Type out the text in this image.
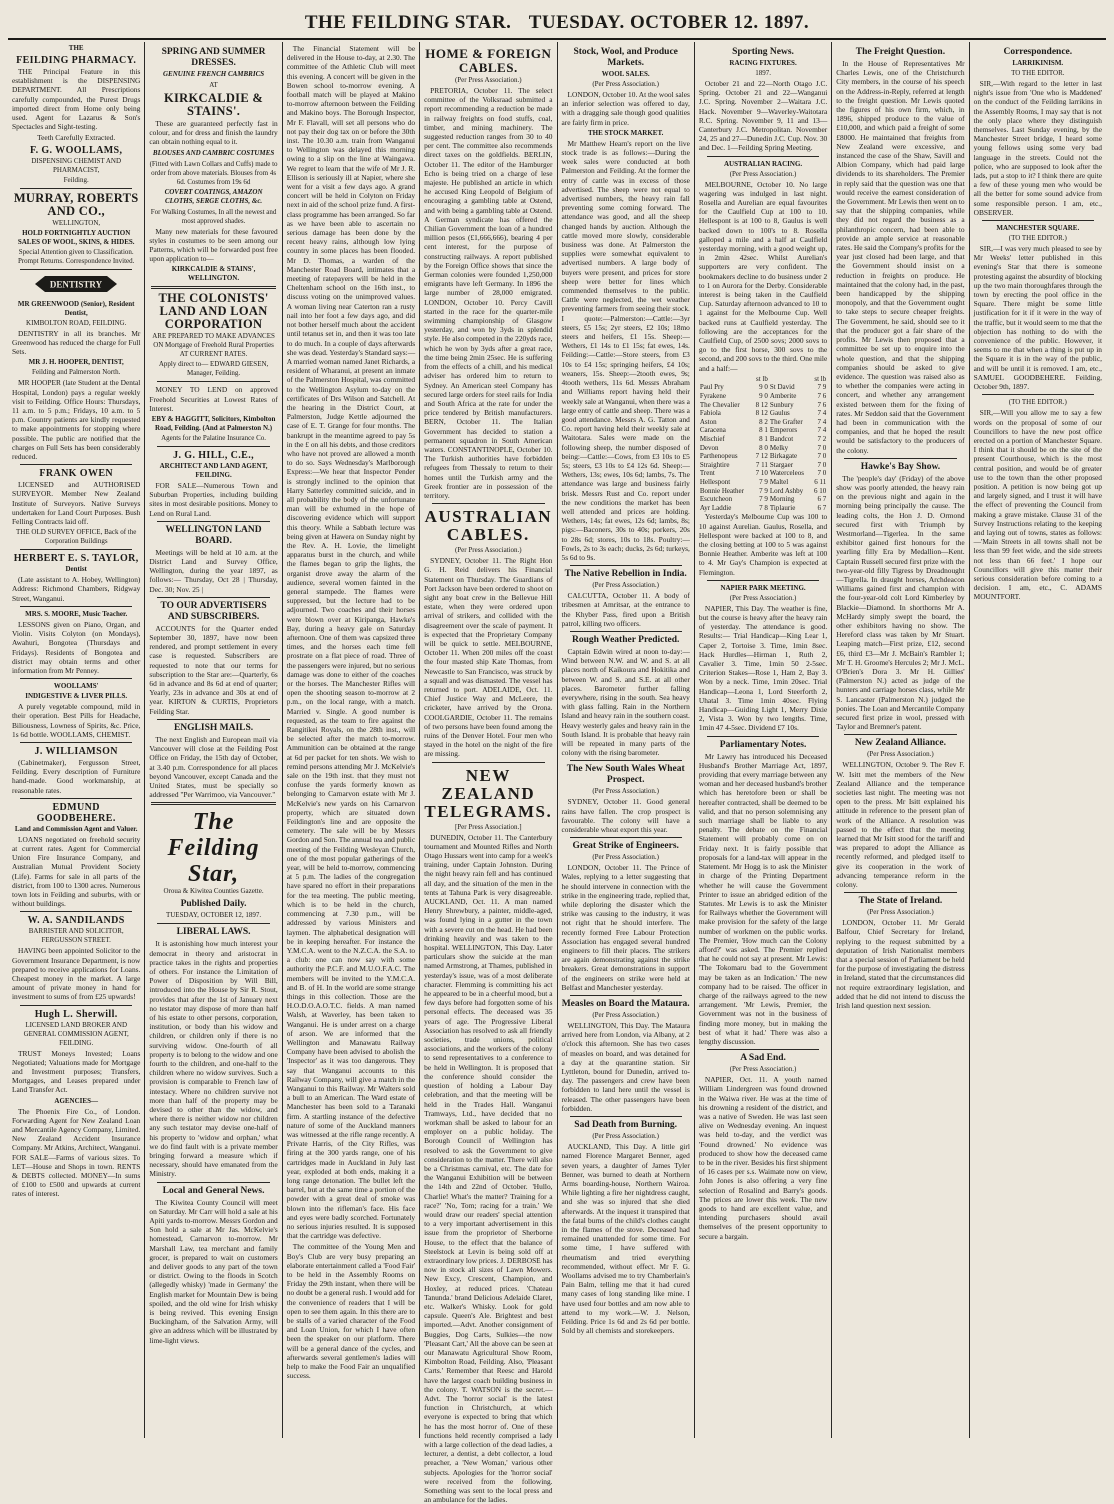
THE FEILDING STAR. TUESDAY. OCTOBER 12. 1897.
THE
FEILDING PHARMACY.

THE Principal Feature in this establishment is the DISPENSING DEPARTMENT. All Prescriptions carefully compounded, the Purest Drugs imported direct from Home only being used. Agent for Lazarus & Son's Spectacles and Sight-testing.

Teeth Carefully Extracted.
F. G. WOOLLAMS,
DISPENSING CHEMIST AND PHARMACIST,
Feilding.
MURRAY, ROBERTS AND CO.,
WELLINGTON,
HOLD FORTNIGHTLY AUCTION SALES OF WOOL, SKINS, & HIDES.
Special Attention given to Classification. Prompt Returns. Correspondence Invited.
DENTISTRY
MR GREENWOOD (Senior), Resident Dentist,
KIMBOLTON ROAD, FEILDING.

DENTISTRY in all its branches. Mr Greenwood has reduced the charge for Full Sets.

MR J. H. HOOPER, DENTIST,
Feilding and Palmerston North.

MR HOOPER (late Student at the Dental Hospital, London) pays a regular weekly visit to Feilding. Office Hours: Thursdays, 11 a.m. to 5 p.m.; Fridays, 10 a.m. to 5 p.m. Country patients are kindly requested to make appointments for stopping where possible. The public are notified that the charges on Full Sets has been considerably reduced.

FRANK OWEN

LICENSED and AUTHORISED SURVEYOR. Member New Zealand Institute of Surveyors. Native Surveys undertaken for Land Court Purposes. Bush Felling Contracts laid off.

THE OLD SURVEY OFFICE, Back of the Corporation Buildings
HERBERT E. S. TAYLOR,
Dentist

(Late assistant to A. Hobey, Wellington) Address: Richmond Chambers, Ridgway Street, Wanganui.

MRS. S. MOORE, Music Teacher.

LESSONS given on Piano, Organ, and Violin. Visits Colyton (on Mondays), Awahuri, Bongotea (Thursdays and Fridays). Residents of Bongotea and district may obtain terms and other information from Mr Penney.

WOOLLAMS'
INDIGESTIVE & LIVER PILLS.

A purely vegetable compound, mild in their operation. Best Pills for Headache, Biliousness, Lowness of Spirits, &c. Price, 1s 6d bottle. WOOLLAMS, CHEMIST.

J. WILLIAMSON

(Cabinetmaker), Fergusson Street, Feilding. Every description of Furniture hand-made. Good workmanship, at reasonable rates.

EDMUND GOODBEHERE.
Land and Commission Agent and Valuer.

LOANS negotiated on freehold security at current rates. Agent for Commercial Union Fire Insurance Company, and Australian Mutual Provident Society (Life). Farms for sale in all parts of the district, from 100 to 1300 acres. Numerous town lots in Feilding and suburbs, with or without buildings.

W. A. SANDILANDS
BARRISTER AND SOLICITOR, FERGUSSON STREET.

HAVING been appointed Solicitor to the Government Insurance Department, is now prepared to receive applications for Loans. Cheapest money in the market. A large amount of private money in hand for investment to sums of from £25 upwards!

Hugh L. Sherwill.
LICENSED LAND BROKER AND GENERAL COMMISSION AGENT, FEILDING.

TRUST Moneys Invested; Loans Negotiated; Valuations made for Mortgage and Investment purposes; Transfers, Mortgages, and Leases prepared under Land Transfer Act.

AGENCIES—

The Phoenix Fire Co., of London. Forwarding Agent for New Zealand Loan and Mercantile Agency Company, Limited. New Zealand Accident Insurance Company. Mr Atkins, Architect, Wanganui. FOR SALE—Farms of various sizes. To LET—House and Shops in town. RENTS & DEBTS collected. MONEY—In sums of £100 to £500 and upwards at current rates of interest.

SPRING AND SUMMER DRESSES.
GENUINE FRENCH CAMBRICS
AT
KIRKCALDIE & STAINS'.

These are guaranteed perfectly fast in colour, and for dress and finish the laundry can obtain nothing equal to it.

BLOUSES AND CAMBRIC COSTUMES
(Fitted with Lawn Collars and Cuffs) made to order from above materials. Blouses from 4s 6d. Costumes from 19s 6d
COVERT COATINGS, AMAZON CLOTHS, SERGE CLOTHS, &c.
For Walking Costumes, In all the newest and most approved shades.

Many new materials for these favoured styles in costumes to be seen among our Patterns, which will be forwarded post free upon application to—

KIRKCALDIE & STAINS', WELLINGTON.
THE COLONISTS' LAND AND LOAN CORPORATION
ARE PREPARED TO MAKE ADVANCES ON Mortgage of Freehold Rural Properties AT CURRENT RATES.
Apply direct to— EDWARD GIESEN, Manager, Feilding.

MONEY TO LEND on approved Freehold Securities at Lowest Rates of Interest.

EBY & HAGGITT, Solicitors, Kimbolton Road, Feilding. (And at Palmerston N.)
Agents for the Palatine Insurance Co.
J. G. HILL, C.E.,
ARCHITECT AND LAND AGENT, FEILDING.

FOR SALE—Numerous Town and Suburban Properties, including building sites in most desirable positions. Money to Lend on Rural Land.

WELLINGTON LAND BOARD.

Meetings will be held at 10 a.m. at the District Land and Survey Office, Wellington, during the year 1897, as follows:— Thursday, Oct 28 | Thursday, Dec. 30; Nov. 25 |

TO OUR ADVERTISERS AND SUBSCRIBERS.

ACCOUNTS for the Quarter ended September 30, 1897, have now been rendered, and prompt settlement in every case is requested. Subscribers are requested to note that our terms for subscription to the Star are:—Quarterly, 6s 6d in advance and 8s 6d at end of quarter; Yearly, 23s in advance and 30s at end of year. KIRTON & CURTIS, Proprietors Feilding Star.

ENGLISH MAILS.

The next English and European mail via Vancouver will close at the Feilding Post Office on Friday, the 15th day of October, at 3.40 p.m. Correspondence for all places beyond Vancouver, except Canada and the United States, must be specially so addressed "Per Warrimoo, via Vancouver."

The Feilding Star,
Oroua & Kiwitea Counties Gazette.
Published Daily.
TUESDAY, OCTOBER 12, 1897.
LIBERAL LAWS.

It is astonishing how much interest your democrat in theory and aristocrat in practice takes in the rights and properties of others. For instance the Limitation of Power of Disposition by Will Bill, introduced into the House by Sir R. Stout, provides that after the 1st of January next no testator may dispose of more than half of his estate to other persons, corporation, institution, or body than his widow and children, or children only if there is no surviving widow. One-fourth of all property is to belong to the widow and one fourth to the children, and one-half to the children where no widow survives. Such a provision is comparable to French law of intestacy. Where no children survive not more than half of the property may be devised to other than the widow, and where there is neither widow nor children any such testator may devise one-half of his property to 'widow and orphan,' what we do find fault with is a private member bringing forward a measure which if necessary, should have emanated from the Ministry.

Local and General News.

The Kiwitea County Council will meet on Saturday. Mr Carr will hold a sale at his Apiti yards to-morrow. Messrs Gordon and Son hold a sale at Mr Jas. McKelvie's homestead, Carnarvon to-morrow. Mr Marshall Law, tea merchant and family grocer, is prepared to wait on customers and deliver goods to any part of the town or district. Owing to the floods in Scotch (allegedly whisky) 'made in Germany' the English market for Mountain Dew is being spoiled, and the old wine for Irish whisky is being revived. This evening Ensign Buckingham, of the Salvation Army, will give an address which will be illustrated by lime-light views.

The Financial Statement will be delivered in the House to-day, at 2.30. The committee of the Athletic Club will meet this evening. A concert will be given in the Bowen school to-morrow evening. A football match will be played at Makino to-morrow afternoon between the Feilding and Makino boys. The Borough Inspector, Mr F. Flavall, will set all persons who do not pay their dog tax on or before the 30th inst. The 10.30 a.m. train from Wanganui to Wellington was delayed this morning owing to a slip on the line at Waingawa. We regret to learn that the wife of Mr J. R. Ellison is seriously ill at Napier, where she went for a visit a few days ago. A grand concert will be held in Colyton on Friday next in aid of the school prize fund. A first-class programme has been arranged. So far as we have been able to ascertain no serious damage has been done by the recent heavy rains, although low lying country in some places has been flooded. Mr D. Thomas, a warden of the Manchester Road Board, intimates that a meeting of ratepayers will be held in the Cheltenham school on the 16th inst., to discuss voting on the unimproved values. A woman living near Caterton ran a rusty nail into her foot a few days ago, and did not bother herself much about the accident until tetanus set in, and then it was too late to do much. In a couple of days afterwards she was dead. Yesterday's Standard says:—A married woman named Janet Richards, a resident of Wharanui, at present an inmate of the Palmerston Hospital, was committed to the Wellington Asylum to-day on the certificates of Drs Wilson and Satchell. At the hearing in the District Court, at Palmerston, Judge Kettle adjourned the case of E. T. Grange for four months. The bankrupt in the meantime agreed to pay 5s in the £ on all his debts, and those creditors who have not proved are allowed a month to do so. Says Wednesday's Marlborough Express:—We hear that Inspector Pender is strongly inclined to the opinion that Harry Satterley committed suicide, and in all probability the body of the unfortunate man will be exhumed in the hope of discovering evidence which will support this theory. While a Sabbath lecture was being given at Hawera on Sunday night by the Rev. A. H. Lovie, the limelight apparatus burst in the church, and while the flames began to grip the lights, the organist drove away the alarm of the audience, several women fainted in the general stampede. The flames were suppressed, but the lecture had to be adjourned. Two coaches and their horses were blown over at Kiripanga, Hawke's Bay, during a heavy gale on Saturday afternoon. One of them was capsized three times, and the horses each time fell prostrate on a flat piece of road. Three of the passengers were injured, but no serious damage was done to either of the coaches or the horses. The Manchester Rifles will open the shooting season to-morrow at 2 p.m., on the local range, with a match. Married v. Single. A good number is requested, as the team to fire against the Rangitikei Royals, on the 28th inst., will be selected after the match to-morrow. Ammunition can be obtained at the range at 6d per packet for ten shots. We wish to remind persons attending Mr J. McKelvie's sale on the 19th inst. that they must not confuse the yards formerly known as belonging to Carnarvon estate with Mr J. McKelvie's new yards on his Carnarvon property, which are situated down Feildington's line and are opposite the cemetery. The sale will be by Messrs Gordon and Son. The annual tea and public meeting of the Feilding Wesleyan Church, one of the most popular gatherings of the year, will be held to-morrow, commencing at 5 p.m. The ladies of the congregation have spared no effort in their preparations for the tea meeting. The public meeting, which is to be held in the church, commencing at 7.30 p.m., will be addressed by various Ministers and laymen. The alphabetical designation will be in keeping hereafter. For instance the Y.M.C.A. went to the N.Z.C.A. the S.A. to a club: one can now say with some authority the P.C.F. and M.U.O.F.A.C. The members will be invited to the Y.M.C.A. and B. of H. In the world are some strange things in this collection. Those are the H.O.D.O.A.O.T.C. fields. A man named Walsh, at Waverley, has been taken to Wanganui. He is under arrest on a charge of arson. We are informed that the Wellington and Manawatu Railway Company have been advised to abolish the 'Inspector' as it was too dangerous. They say that Wanganui accounts to this Railway Company, will give a match in the Wanganui to this Railway. Mr Walters sold a bull to an American. The Ward estate of Manchester has been sold to a Taranaki firm. A startling instance of the defective nature of some of the Auckland manners was witnessed at the rifle range recently. A Private Harris, of the City Rifles, was firing at the 300 yards range, one of his cartridges made in Auckland in July last year, exploded at both ends, making it a long range detonation. The bullet left the barrel, but at the same time a portion of the powder with a great deal of smoke was blown into the rifleman's face. His face and eyes were badly scorched. Fortunately no serious injuries resulted. It is supposed that the cartridge was defective.

The committee of the Young Men and Boy's Club are very busy preparing an elaborate entertainment called a 'Food Fair' to be held in the Assembly Rooms on Friday the 29th instant, when there will be no doubt be a general rush. I would add for the convenience of readers that I will be open to see them again. In this there are to be stalls of a varied character of the Food and Loan Union, for which I have often been the speaker on our platform. There will be a general dance of the cycles, and afterwards several gentlemen's ladies will help to make the Food Fair an unqualified success.

HOME & FOREIGN CABLES.
(Per Press Association.)

PRETORIA, October 11. The select committee of the Volksraad submitted a report recommending a reduction be made in railway freights on food stuffs, coal, timber, and mining machinery. The suggested reduction ranges from 30 to 40 per cent. The committee also recommends direct taxes on the goldfields. BERLIN, October 11. The editor of the Hamburger Echo is being tried on a charge of lese majeste. He published an article in which he accused King Leopold of Belgium of encouraging a gambling table at Ostend, and with being a gambling table at Ostend. A German syndicate has offered the Chilian Government the loan of a hundred million pesos (£1,666,666), bearing 4 per cent interest, for the purpose of constructing railways. A report published by the Foreign Office shows that since the German colonies were founded 1,250,000 emigrants have left Germany. In 1896 the large number of 28,000 emigrated. LONDON, October 10. Percy Cavill started in the race for the quarter-mile swimming championship of Glasgow yesterday, and won by 3yds in splendid style. He also competed in the 220yds race, which he won by 3yds after a great race, the time being 2min 25sec. He is suffering from the effects of a chill, and his medical adviser has ordered him to return to Sydney. An American steel Company has secured large orders for steel rails for India and South Africa at the rate for under the price tendered by British manufacturers. BERN, October 11. The Italian Government has decided to station a permanent squadron in South American waters. CONSTANTINOPLE, October 10. The Turkish authorities have forbidden refugees from Thessaly to return to their homes until the Turkish army and the Greek frontier are in possession of the territory.

AUSTRALIAN CABLES.
(Per Press Association.)

SYDNEY, October 11. The Right Hon G. H. Reid delivers his Financial Statement on Thursday. The Guardians of Port Jackson have been ordered to shoot on sight any boat crew in the Bellevue Hill estate, when they were ordered upon arrival of strikers, and collided with the disagreement over the scale of payment. It is expected that the Proprietary Company will be quick to settle. MELBOURNE, October 11. When 200 miles off the coast the four masted ship Kate Thomas, from Newcastle to San Francisco, was struck by a squall and was dismasted. The vessel has returned to port. ADELAIDE, Oct. 11. Chief Justice Way and McLeere, the cricketer, have arrived by the Orona. COOLGARDIE, October 11. The remains of two persons have been found among the ruins of the Denver Hotel. Four men who stayed in the hotel on the night of the fire are missing.

NEW ZEALAND TELEGRAMS.
[Per Press Association.]

DUNEDIN, October 11. The Canterbury tournament and Mounted Rifles and North Otago Hussars went into camp for a week's training, under Captain Johnston. During the night heavy rain fell and has continued all day, and the situation of the men in the tents at Tahuna Park is very disagreeable. AUCKLAND, Oct. 11. A man named Henry Shrewbury, a painter, middle-aged, was found lying in a gutter in the town with a severe cut on the head. He had been drinking heavily and was taken to the hospital. WELLINGTON, This Day. Later particulars show the suicide at the man named Armstrong, at Thames, published in yesterday's issue, was of a most deliberate character. Flemming is committing his act he appeared to be in a cheerful mood, but a few days before had forgotten some of his personal effects. The deceased was 35 years of age. The Progressive Liberal Association has resolved to ask all friendly societies, trade unions, political associations, and the workers of the colony to send representatives to a conference to be held in Wellington. It is proposed that the conference should consider the question of holding a Labour Day celebration, and that the meeting will be held in the Trades Hall. Wanganui Tramways, Ltd., have decided that no workman shall be asked to labour for an employer on a public holiday. The Borough Council of Wellington has resolved to ask the Government to give consideration to the matter. There will also be a Christmas carnival, etc. The date for the Wanganui Exhibition will be between the 14th and 22nd of October. 'Hullo, Charlie! What's the matter? Training for a race?' 'No, Tom; racing for a train.' We would draw our readers' special attention to a very important advertisement in this issue from the proprietor of Sherborne House, to the effect that the balance of Steelstock at Levin is being sold off at extraordinary low prices. J. DERBOSE has now in stock all sizes of Lawn Mowers. New Excy, Crescent, Champion, and Hoxley, at reduced prices. 'Chateau Tanunda.' brand Delicious Adelaide Claret, etc. Walker's Whisky. Look for gold capsule. Queen's Ale. Brightest and best imported.—Advt. Another consignment of Buggies, Dog Carts, Sulkies—the now 'Pleasant Cart,' All the above can be seen at our Manawatu Agricultural Show Room, Kimbolton Road, Feilding. Also, 'Pleasant Carts.' Remember that Reesc and Harold have the largest coach building business in the colony. T. WATSON is the secret.—Advt. The 'horror social' is the latest function in Christchurch, at which everyone is expected to bring that which he has the most horror of. One of these functions held recently comprised a lady with a large collection of the dead ladies, a lecturer, a dentist, a debt collector, a loud preacher, a 'New Woman,' various other subjects. Apologies for the 'horror social' were received from the following. Something was sent to the local press and an ambulance for the ladies.

Stock, Wool, and Produce Markets.
WOOL SALES.
(Per Press Association.)

LONDON, October 10. At the wool sales an inferior selection was offered to day, with a dragging sale though good qualities are fairly firm in price.

THE STOCK MARKET.

Mr Matthew Hearn's report on the live stock trade is as follows:—During the week sales were conducted at both Palmerston and Feilding. At the former the entry of cattle was in excess of those advertised. The sheep were not equal to advertised numbers, the heavy rain fall preventing some coming forward. The attendance was good, and all the sheep changed hands by auction. Although the cattle moved more slowly, considerable business was done. At Palmerston the supplies were somewhat equivalent to advertised numbers. A large body of buyers were present, and prices for store sheep were better for lines which commended themselves to the public. Cattle were neglected, the wet weather preventing farmers from seeing their stock. I quote:—Palmerston:—Cattle:—3yr steers, £5 15s; 2yr steers, £2 10s; 18mo steers and heifers, £1 15s. Sheep:—Wethers, £1 14s to £1 15s; fat ewes, 14s. Feilding:—Cattle:—Store steers, from £3 10s to £4 15s; springing heifers, £4 10s; weaners, 15s. Sheep:—2tooth ewes, 9s; 4tooth wethers, 11s 6d. Messrs Abraham and Williams report having held their weekly sale at Wanganui, when there was a large entry of cattle and sheep. There was a good attendance. Messrs A. G. Tatton and Co. report having held their weekly sale at Waitotara. Sales were made on the following sheep, the number disposed of being:—Cattle:—Cows, from £3 10s to £5 5s; steers, £3 10s to £4 12s 6d. Sheep:—Wethers, 13s; ewes, 10s 6d; lambs, 7s. The attendance was large and business fairly brisk. Messrs Rust and Co. report under the new conditions the market has been well attended and prices are holding. Wethers, 14s; fat ewes, 12s 6d; lambs, 8s; pigs:—Baconers, 30s to 40s; porkers, 20s to 28s 6d; stores, 10s to 18s. Poultry:—Fowls, 2s to 3s each; ducks, 2s 6d; turkeys, 5s 6d to 9s.

The Native Rebellion in India.
(Per Press Association.)

CALCUTTA, October 11. A body of tribesmen at Amritsar, at the entrance to the Khyber Pass, fired upon a British patrol, killing two officers.

Rough Weather Predicted.

Captain Edwin wired at noon to-day:—Wind between N.W. and W. and S. at all places north of Kaikoura and Hokitika and between W. and S. and S.E. at all other places. Barometer further falling everywhere, rising in the south. Sea heavy with glass falling. Rain in the Northern Island and heavy rain in the southern coast. Heavy westerly gales and heavy rain in the South Island. It is probable that heavy rain will be repeated in many parts of the colony with the rising barometer.

The New South Wales Wheat Prospect.
(Per Press Association.)

SYDNEY, October 11. Good general rains have fallen. The crop prospect is favourable. The colony will have a considerable wheat export this year.

Great Strike of Engineers.
(Per Press Association.)

LONDON, October 11. The Prince of Wales, replying to a letter suggesting that he should intervene in connection with the strike in the engineering trade, replied that, while deploring the disaster which the strike was causing to the industry, it was not right that he should interfere. The recently formed Free Labour Protection Association has engaged several hundred engineers to fill their places. The strikers are again demonstrating against the strike breakers. Great demonstrations in support of the engineers on strike were held at Belfast and Manchester yesterday.

Measles on Board the Mataura.
(Per Press Association.)

WELLINGTON, This Day. The Mataura arrived here from London, via Albany, at 2 o'clock this afternoon. She has two cases of measles on board, and was detained for a day at the quarantine station. Sir Lyttleton, bound for Dunedin, arrived to-day. The passengers and crew have been forbidden to land here until the vessel is released. The other passengers have been forbidden.

Sad Death from Burning.
(Per Press Association.)

AUCKLAND, This Day. A little girl named Florence Margaret Benner, aged seven years, a daughter of James Tyler Benner, was burned to death at Northern Arms boarding-house, Northern Wairoa. While lighting a fire her nightdress caught, and she was so injured that she died afterwards. At the inquest it transpired that the fatal burns of the child's clothes caught in the flames of the stove. Deceased had remained unattended for some time. For some time, I have suffered with rheumatism and tried everything recommended, without effect. Mr F. G. Woollams advised me to try Chamberlain's Pain Balm, telling me that it had cured many cases of long standing like mine. I have used four bottles and am now able to attend to my work.—W. J. Nelson, Feilding. Price 1s 6d and 2s 6d per bottle. Sold by all chemists and storekeepers.

Sporting News.
RACING FIXTURES.
1897.

October 21 and 22—North Otago J.C. Spring. October 21 and 22—Wanganui J.C. Spring. November 2—Waitara J.C. Hack. November 9—Waverley-Waitotara R.C. Spring. November 9, 11 and 13—Canterbury J.C. Metropolitan. November 24, 25 and 27—Dunedin J.C. Cup. Nov. 30 and Dec. 1—Feilding Spring Meeting.

AUSTRALIAN RACING.
(Per Press Association.)

MELBOURNE, October 10. No large wagering was indulged in last night. Rosella and Aurelian are equal favourites for the Caulfield Cup at 100 to 10. Hellespont is at 100 to 8, Gaulus is well backed down to 100's to 8. Rosella galloped a mile and a half at Caulfield yesterday morning, with a good weight up, in 2min 42sec. Whilst Aurelian's supporters are very confident. The bookmakers decline to do business under 2 to 1 on Aurora for the Derby. Considerable interest is being taken in the Caulfield Cup. Saturday afternoon advanced to 10 to 1 against for the Melbourne Cup. Well backed runs at Caulfield yesterday. The following are the acceptances for the Caulfield Cup, of 2500 sovs; 2000 sovs to go to the first horse, 300 sovs to the second, and 200 sovs to the third. One mile and a half:—

	st lb		st lb
Paul Pry	9 0	St David	7 9
Fyrakene	9 0	Amberite	7 6
The Chevalier	8 12	Sunbury	7 6
Fabiola	8 12	Gaulus	7 4
Aston	8 2	The Grafter	7 4
Caracena	8 1	Emperors	7 4
Mischief	8 1	Bandcot	7 2
Devon	8 0	Melky	7 0
Parthenopeus	7 12	Birkagate	7 0
Straightire	7 11	Stargaer	7 0
Trent	7 10	Waterceleos	7 0
Hellespont	7 9	Maltel	6 11
Bonnie Heather	7 9	Lord Ashby	6 10
Escutcheon	7 9	Morning	6 7
Ayr Laddie	7 8	Tiplaurie	6 7

Yesterday's Melbourne Cup was 100 to 10 against Aurelian. Gaulus, Rosella, and Hellespont were backed at 100 to 8, and the closing betting at 100 to 5 was against Bonnie Heather. Amberite was left at 100 to 4. Mr Gay's Champion is expected at Flemington.

NAPIER PARK MEETING.
(Per Press Association.)

NAPIER, This Day. The weather is fine, but the course is heavy after the heavy rain of yesterday. The attendance is good. Results:— Trial Handicap—King Lear 1, Caper 2, Tortoise 3. Time, 1min 8sec. Hack Hurdles—Hirman 1, Ruth 2, Cavalier 3. Time, 1min 50 2-5sec. Criterion Stakes—Rose 1, Ham 2, Bay 3. Won by a neck. Time, 1min 20sec. Trial Handicap—Leona 1, Lord Steerforth 2, Uhatal 3. Time 1min 40sec. Flying Handicap—Guiding Light 1, Merry Dixie 2, Vista 3. Won by two lengths. Time, 1min 47 4-5sec. Dividend £7 10s.

Parliamentary Notes.

Mr Lawry has introduced his Deceased Husband's Brother Marriage Act, 1897, providing that every marriage between any woman and her deceased husband's brother which has heretofore been or shall be hereafter contracted, shall be deemed to be valid, and that no person solemnising any such marriage shall be liable to any penalty. The debate on the Financial Statement will probably come on on Friday next. It is fairly possible that proposals for a land-tax will appear in the Statement. Mr Hogg is to ask the Minister in charge of the Printing Department whether he will cause the Government Printer to issue an abridged edition of the Statutes. Mr Lewis is to ask the Minister for Railways whether the Government will make provision for the safety of the large number of workmen on the public works. The Premier, 'How much can the Colony afford?' was asked. The Premier replied that he could not say at present. Mr Lewis: 'The Tokomaru bad to the Government may be taken as an Indication.' The new company had to be raised. The officer in charge of the railways agreed to the new arrangement. 'Mr Lewis, Premier, the Government was not in the business of finding more money, but in making the best of what it had.' There was also a lengthy discussion.

A Sad End.
(Per Press Association.)

NAPIER, Oct. 11. A youth named William Lindergreen was found drowned in the Waiwa river. He was at the time of his drowning a resident of the district, and was a native of Sweden. He was last seen alive on Wednesday evening. An inquest was held to-day, and the verdict was 'Found drowned.' No evidence was produced to show how the deceased came to be in the river. Besides his first shipment of 16 cases per s.s. Waimate now on view, John Jones is also offering a very fine selection of Rosalind and Barry's goods. The prices are lower this week. The new goods to hand are excellent value, and intending purchasers should avail themselves of the present opportunity to secure a bargain.

The Freight Question.

In the House of Representatives Mr Charles Lewis, one of the Christchurch City members, in the course of his speech on the Address-in-Reply, referred at length to the freight question. Mr Lewis quoted the figures of his own firm, which, in 1896, shipped produce to the value of £10,000, and which paid a freight of some £8000. He maintained that freights from New Zealand were excessive, and instanced the case of the Shaw, Savill and Albion Company, which had paid large dividends to its shareholders. The Premier in reply said that the question was one that would receive the earnest consideration of the Government. Mr Lewis then went on to say that the shipping companies, while they did not regard the business as a philanthropic concern, had been able to provide an ample service at reasonable rates. He said the Company's profits for the year just closed had been large, and that the Government should insist on a reduction in freights on produce. He maintained that the colony had, in the past, been handicapped by the shipping monopoly, and that the Government ought to take steps to secure cheaper freights. The Government, he said, should see to it that the producer got a fair share of the profits. Mr Lewis then proposed that a committee be set up to enquire into the whole question, and that the shipping companies should be asked to give evidence. The question was raised also as to whether the companies were acting in concert, and whether any arrangement existed between them for the fixing of rates. Mr Seddon said that the Government had been in communication with the companies, and that he hoped the result would be satisfactory to the producers of the colony.

Hawke's Bay Show.

The 'people's day' (Friday) of the above show was poorly attended, the heavy rain on the previous night and again in the morning being principally the cause. The leading colts, the Hon J. D. Ormond secured first with Triumph by Westmorland—Tigerlea. In the same exhibitor gained first honours for the yearling filly Era by Medallion—Kent. Captain Russell secured first prize with the two-year-old filly Tigress by Dreadnought—Tigrella. In draught horses, Archdeacon Williams gained first and champion with the four-year-old colt Lord Kimberley by Blackie—Diamond. In shorthorns Mr A. McHardy simply swept the board, the other exhibitors having no show. The Hereford class was taken by Mr Stuart. Leaping match—First prize, £12, second £6, third £3—Mr J. McBain's Rambler 1; Mr T. H. Groome's Hercules 2; Mr J. McL. O'Brien's Dora 3. Mr H. Gillies' (Palmerston N.) acted as judge of the hunters and carriage horses class, while Mr S. Lancaster (Palmerston N.) judged the ponies. The Loan and Mercantile Company secured first prize in wool, pressed with Taylor and Bremner's patent.

New Zealand Alliance.
(Per Press Association.)

WELLINGTON, October 9. The Rev F. W. Isitt met the members of the New Zealand Alliance and the temperance societies last night. The meeting was not open to the press. Mr Isitt explained his attitude in reference to the present plan of work of the Alliance. A resolution was passed to the effect that the meeting learned that Mr Isitt stood for the tariff and was prepared to adopt the Alliance as recently reformed, and pledged itself to give its cooperation in the work of advancing temperance reform in the colony.

The State of Ireland.
(Per Press Association.)

LONDON, October 11. Mr Gerald Balfour, Chief Secretary for Ireland, replying to the request submitted by a deputation of Irish Nationalist members that a special session of Parliament be held for the purpose of investigating the distress in Ireland, stated that the circumstances did not require extraordinary legislation, and added that he did not intend to discuss the Irish land question next session.

Correspondence.
LARRIKINISM.
TO THE EDITOR.

SIR,—With regard to the letter in last night's issue from 'One who is Maddened' on the conduct of the Feilding larrikins in the Assembly Rooms, I may say that is not the only place where they distinguish themselves. Last Sunday evening, by the Manchester Street bridge, I heard some young fellows using some very bad language in the streets. Could not the police, who are supposed to look after the lads, put a stop to it? I think there are quite a few of these young men who would be all the better for some sound advice from some responsible person. I am, etc., OBSERVER.

MANCHESTER SQUARE.
(TO THE EDITOR.)

SIR,—I was very much pleased to see by Mr Weeks' letter published in this evening's Star that there is someone protesting against the absurdity of blocking up the two main thoroughfares through the town by erecting the pool office in the Square. There might be some little justification for it if it were in the way of the traffic, but it would seem to me that the objection has nothing to do with the convenience of the public. However, it seems to me that when a thing is put up in the Square it is in the way of the public, and will be until it is removed. I am, etc., SAMUEL GOODBEHERE. Feilding, October 9th, 1897.

(TO THE EDITOR.)

SIR,—Will you allow me to say a few words on the proposal of some of our Councillors to have the new post office erected on a portion of Manchester Square. I think that it should be on the site of the present Courthouse, which is the most central position, and would be of greater use to the town than the other proposed position. A petition is now being got up and largely signed, and I trust it will have the effect of preventing the Council from making a grave mistake. Clause 31 of the Survey Instructions relating to the keeping and laying out of towns, states as follows:—'Main Streets in all towns shall not be less than 99 feet wide, and the side streets not less than 66 feet.' I hope our Councillors will give this matter their serious consideration before coming to a decision. I am, etc., C. ADAMS MOUNTFORT.
